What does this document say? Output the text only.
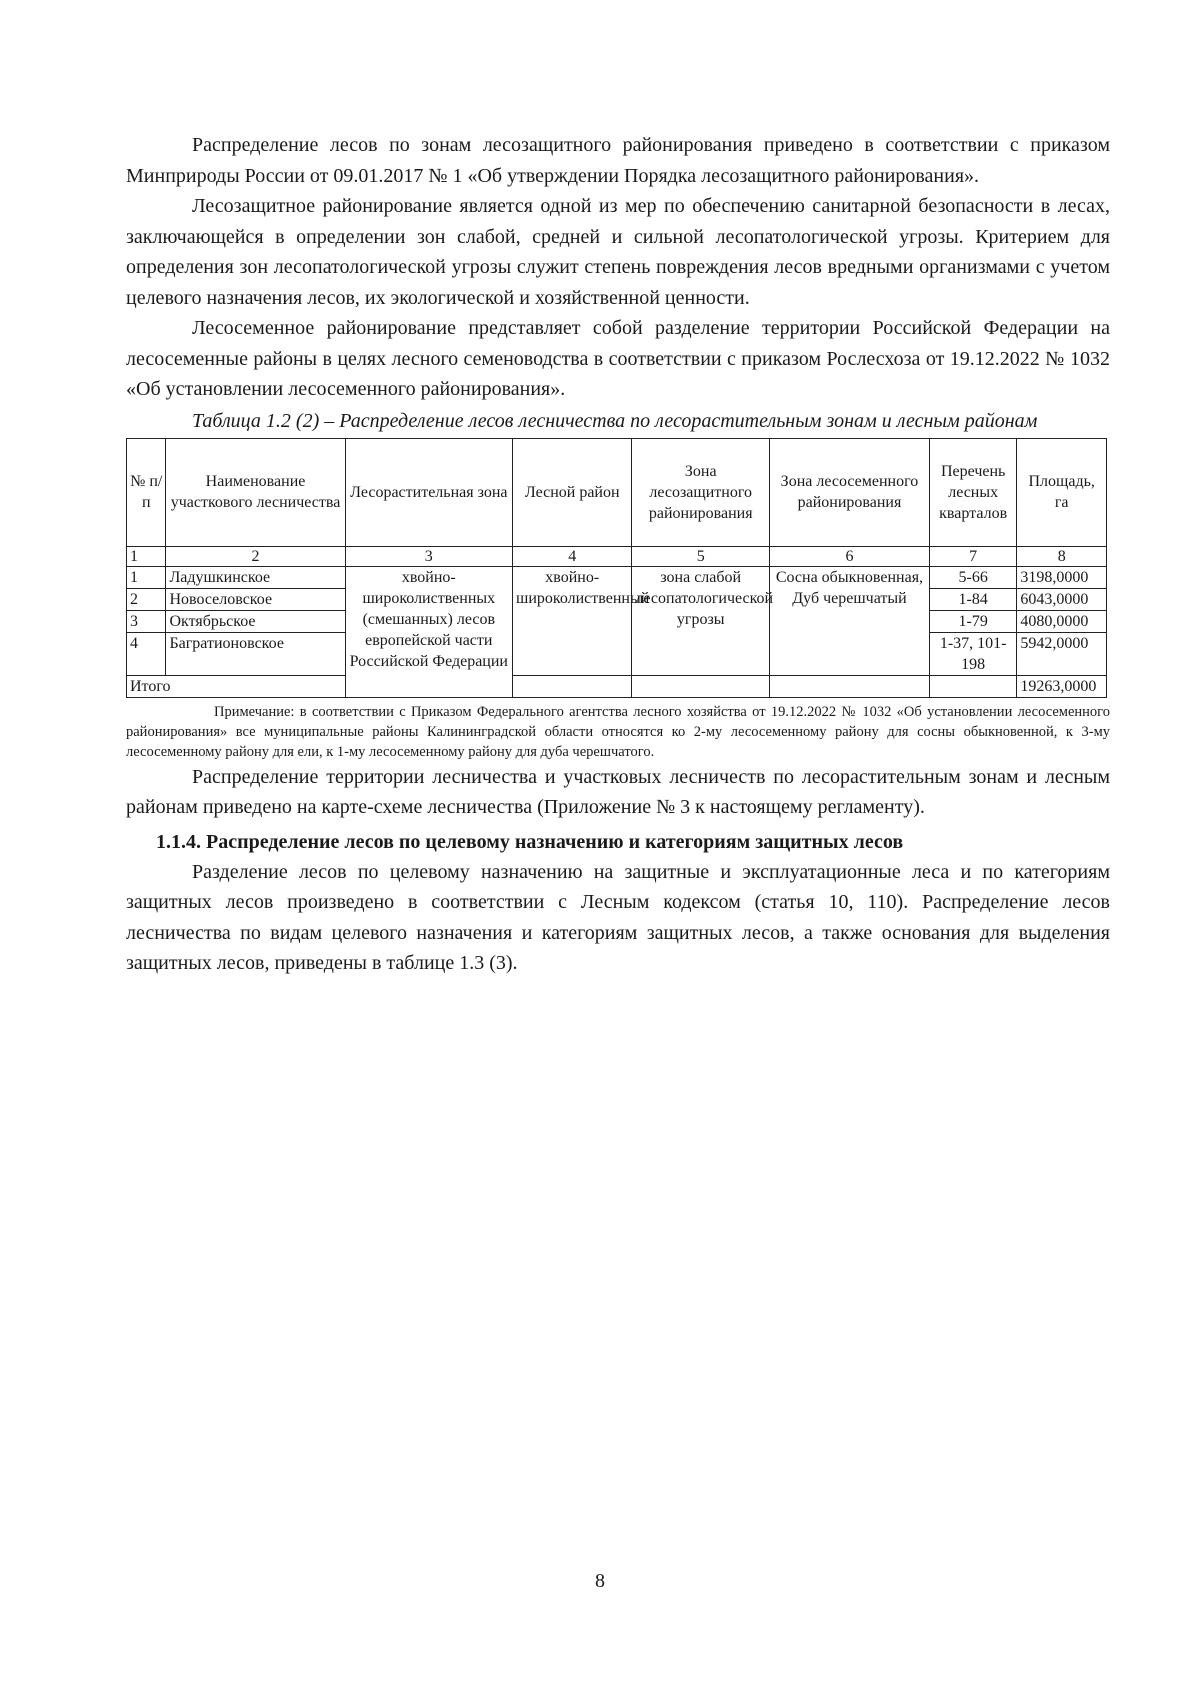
Распределение лесов по зонам лесозащитного районирования приведено в соответствии с приказом Минприроды России от 09.01.2017 № 1 «Об утверждении Порядка лесозащитного районирования».

Лесозащитное районирование является одной из мер по обеспечению санитарной безопасности в лесах, заключающейся в определении зон слабой, средней и сильной лесопатологической угрозы. Критерием для определения зон лесопатологической угрозы служит степень повреждения лесов вредными организмами с учетом целевого назначения лесов, их экологической и хозяйственной ценности.

Лесосеменное районирование представляет собой разделение территории Российской Федерации на лесосеменные районы в целях лесного семеноводства в соответствии с приказом Рослесхоза от 19.12.2022 № 1032 «Об установлении лесосеменного районирования».

Таблица 1.2 (2) – Распределение лесов лесничества по лесорастительным зонам и лесным районам

№ п/п	Наименование участкового лесничества	Лесорастительная зона	Лесной район	Зона лесозащитного районирования	Зона лесосеменного районирования	Перечень лесных кварталов	Площадь, га
1	2	3	4	5	6	7	8
1	Ладушкинское	хвойно-широколиственных (смешанных) лесов европейской части Российской Федерации	хвойно-широколиственный	зона слабой лесопатологической угрозы	Сосна обыкновенная, Дуб черешчатый	5-66	3198,0000
2	Новоселовское					1-84	6043,0000
3	Октябрьское					1-79	4080,0000
4	Багратионовское					1-37, 101-198	5942,0000
Итого							19263,0000

Примечание: в соответствии с Приказом Федерального агентства лесного хозяйства от 19.12.2022 № 1032 «Об установлении лесосеменного районирования» все муниципальные районы Калининградской области относятся ко 2-му лесосеменному району для сосны обыкновенной, к 3-му лесосеменному району для ели, к 1-му лесосеменному району для дуба черешчатого.

Распределение территории лесничества и участковых лесничеств по лесорастительным зонам и лесным районам приведено на карте-схеме лесничества (Приложение № 3 к настоящему регламенту).

1.1.4. Распределение лесов по целевому назначению и категориям защитных лесов

Разделение лесов по целевому назначению на защитные и эксплуатационные леса и по категориям защитных лесов произведено в соответствии с Лесным кодексом (статья 10, 110). Распределение лесов лесничества по видам целевого назначения и категориям защитных лесов, а также основания для выделения защитных лесов, приведены в таблице 1.3 (3).

8
